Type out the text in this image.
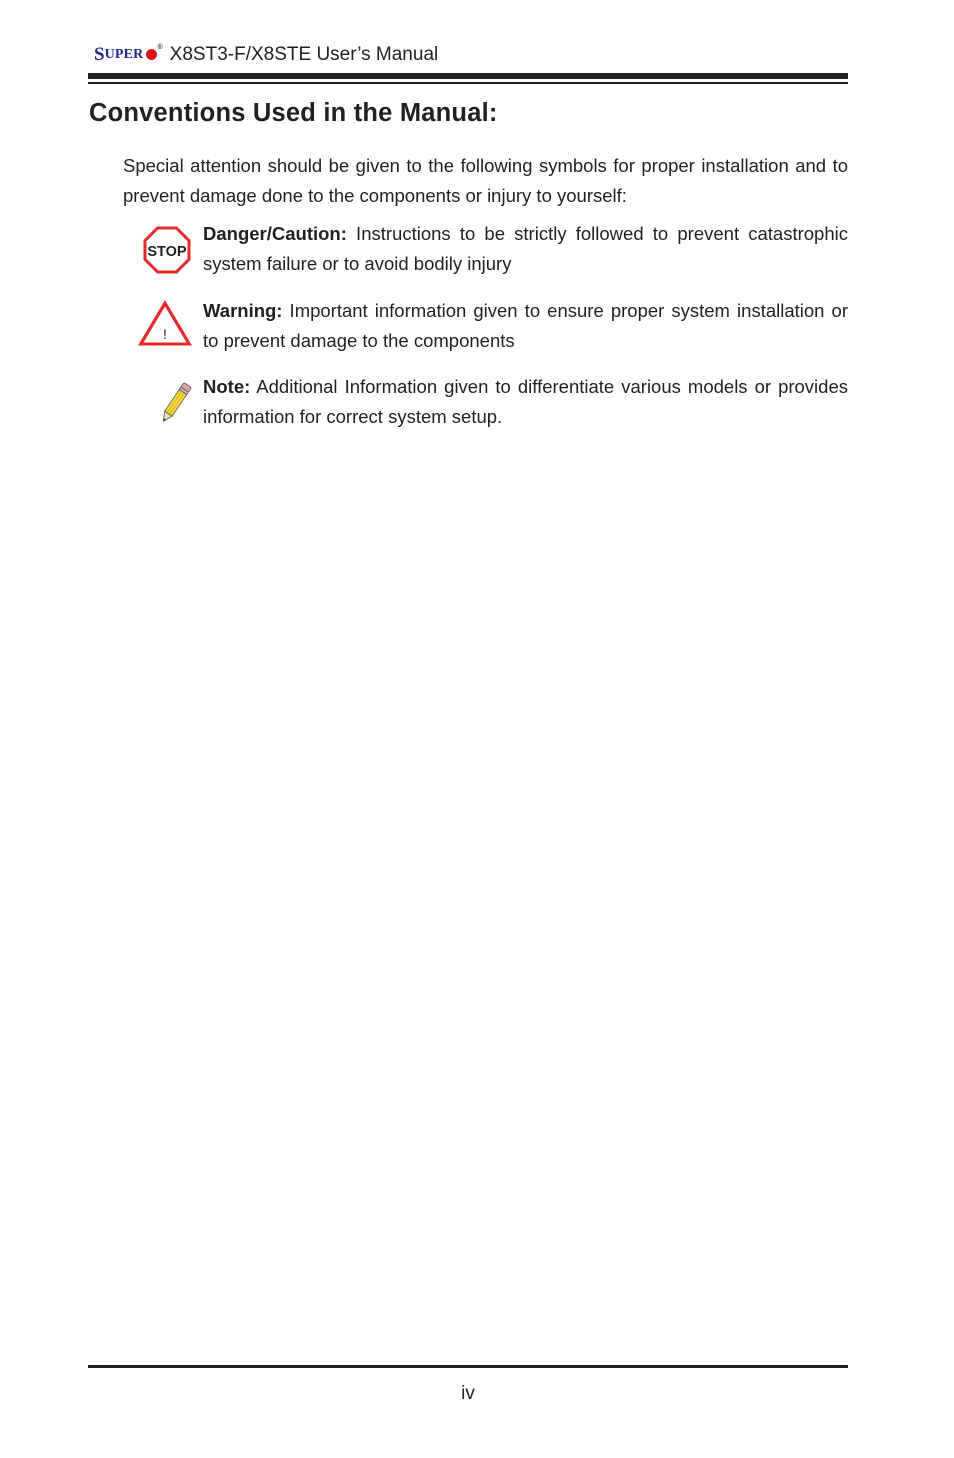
S UPER ® X8ST3-F/X8STE User’s Manual
Conventions Used in the Manual:

Special attention should be given to the following symbols for proper installation and to prevent damage done to the components or injury to yourself:

STOP

Danger/Caution: Instructions to be strictly followed to prevent catastrophic system failure or to avoid bodily injury

!

Warning: Important information given to ensure proper system installation or to prevent damage to the components

Note: Additional Information given to differentiate various models or provides information for correct system setup.

iv
